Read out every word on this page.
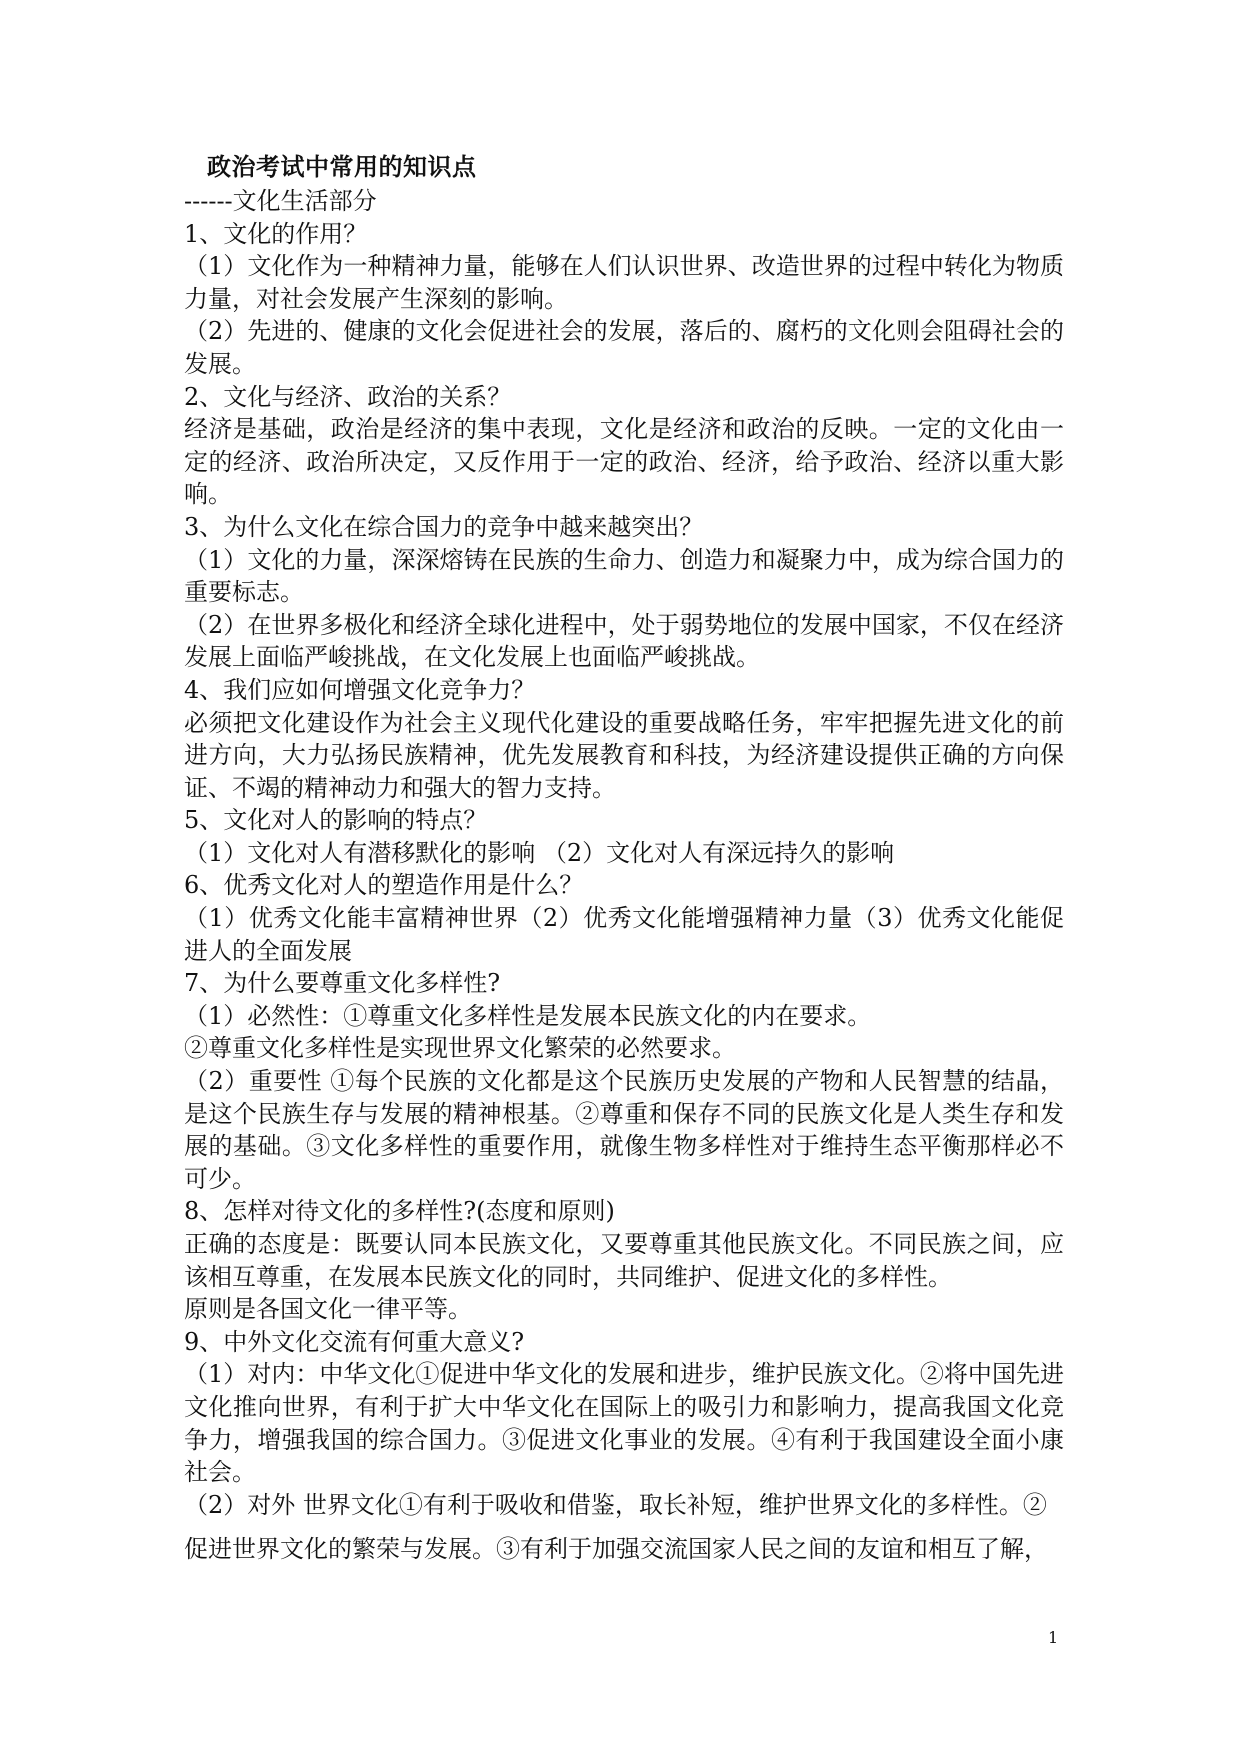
政治考试中常用的知识点

------文化生活部分

1、文化的作用？

（1）文化作为一种精神力量，能够在人们认识世界、改造世界的过程中转化为物质力量，对社会发展产生深刻的影响。

（2）先进的、健康的文化会促进社会的发展，落后的、腐朽的文化则会阻碍社会的发展。

2、文化与经济、政治的关系？

经济是基础，政治是经济的集中表现，文化是经济和政治的反映。一定的文化由一定的经济、政治所决定，又反作用于一定的政治、经济，给予政治、经济以重大影响。

3、为什么文化在综合国力的竞争中越来越突出？

（1）文化的力量，深深熔铸在民族的生命力、创造力和凝聚力中，成为综合国力的重要标志。

（2）在世界多极化和经济全球化进程中，处于弱势地位的发展中国家，不仅在经济发展上面临严峻挑战，在文化发展上也面临严峻挑战。

4、我们应如何增强文化竞争力？

必须把文化建设作为社会主义现代化建设的重要战略任务，牢牢把握先进文化的前进方向，大力弘扬民族精神，优先发展教育和科技，为经济建设提供正确的方向保证、不竭的精神动力和强大的智力支持。

5、文化对人的影响的特点？

（1）文化对人有潜移默化的影响 （2）文化对人有深远持久的影响

6、优秀文化对人的塑造作用是什么？

（1）优秀文化能丰富精神世界（2）优秀文化能增强精神力量（3）优秀文化能促进人的全面发展

7、为什么要尊重文化多样性?

（1）必然性：①尊重文化多样性是发展本民族文化的内在要求。

②尊重文化多样性是实现世界文化繁荣的必然要求。

（2）重要性 ①每个民族的文化都是这个民族历史发展的产物和人民智慧的结晶，是这个民族生存与发展的精神根基。②尊重和保存不同的民族文化是人类生存和发展的基础。③文化多样性的重要作用，就像生物多样性对于维持生态平衡那样必不可少。

8、怎样对待文化的多样性?(态度和原则)

正确的态度是：既要认同本民族文化，又要尊重其他民族文化。不同民族之间，应该相互尊重，在发展本民族文化的同时，共同维护、促进文化的多样性。

原则是各国文化一律平等。

9、中外文化交流有何重大意义?

（1）对内：中华文化①促进中华文化的发展和进步，维护民族文化。②将中国先进文化推向世界，有利于扩大中华文化在国际上的吸引力和影响力，提高我国文化竞争力，增强我国的综合国力。③促进文化事业的发展。④有利于我国建设全面小康社会。

（2）对外 世界文化①有利于吸收和借鉴，取长补短，维护世界文化的多样性。②

促进世界文化的繁荣与发展。③有利于加强交流国家人民之间的友谊和相互了解，

1
